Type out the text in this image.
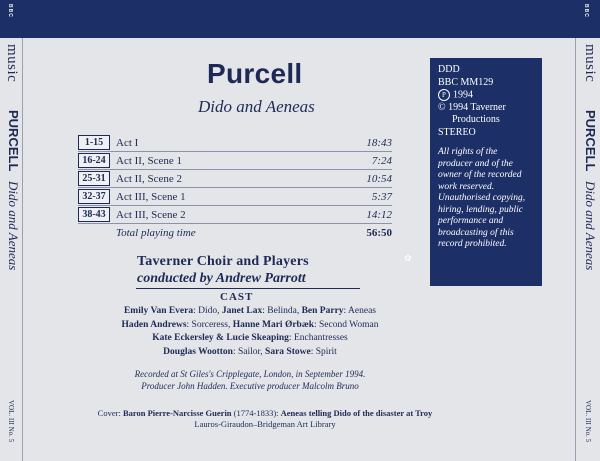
BBC	BBC
music
PURCELL Dido and Aeneas
VOL. III No. 5
music
PURCELL Dido and Aeneas
VOL. III No. 5
Purcell
Dido and Aeneas
1-15	Act I	18:43

16-24	Act II, Scene 1	7:24

25-31	Act II, Scene 2	10:54

32-37	Act III, Scene 1	5:37

38-43	Act III, Scene 2	14:12
	Total playing time	56:50
Taverner Choir and Players
conducted by Andrew Parrott
CAST
Emily Van Evera: Dido, Janet Lax: Belinda, Ben Parry: Aeneas
Haden Andrews: Sorceress, Hanne Mari Ørbæk: Second Woman
Kate Eckersley & Lucie Skeaping: Enchantresses
Douglas Wootton: Sailor, Sara Stowe: Spirit
Recorded at St Giles's Cripplegate, London, in September 1994.
Producer John Hadden. Executive producer Malcolm Bruno
Cover: Baron Pierre-Narcisse Guerin (1774-1833): Aeneas telling Dido of the disaster at Troy
Lauros-Giraudon–Bridgeman Art Library
DDD
BBC MM129
P 1994
© 1994 Taverner
Productions
STEREO
All rights of the producer and of the owner of the recorded work reserved. Unauthorised copying, hiring, lending, public performance and broadcasting of this record prohibited.
✿
